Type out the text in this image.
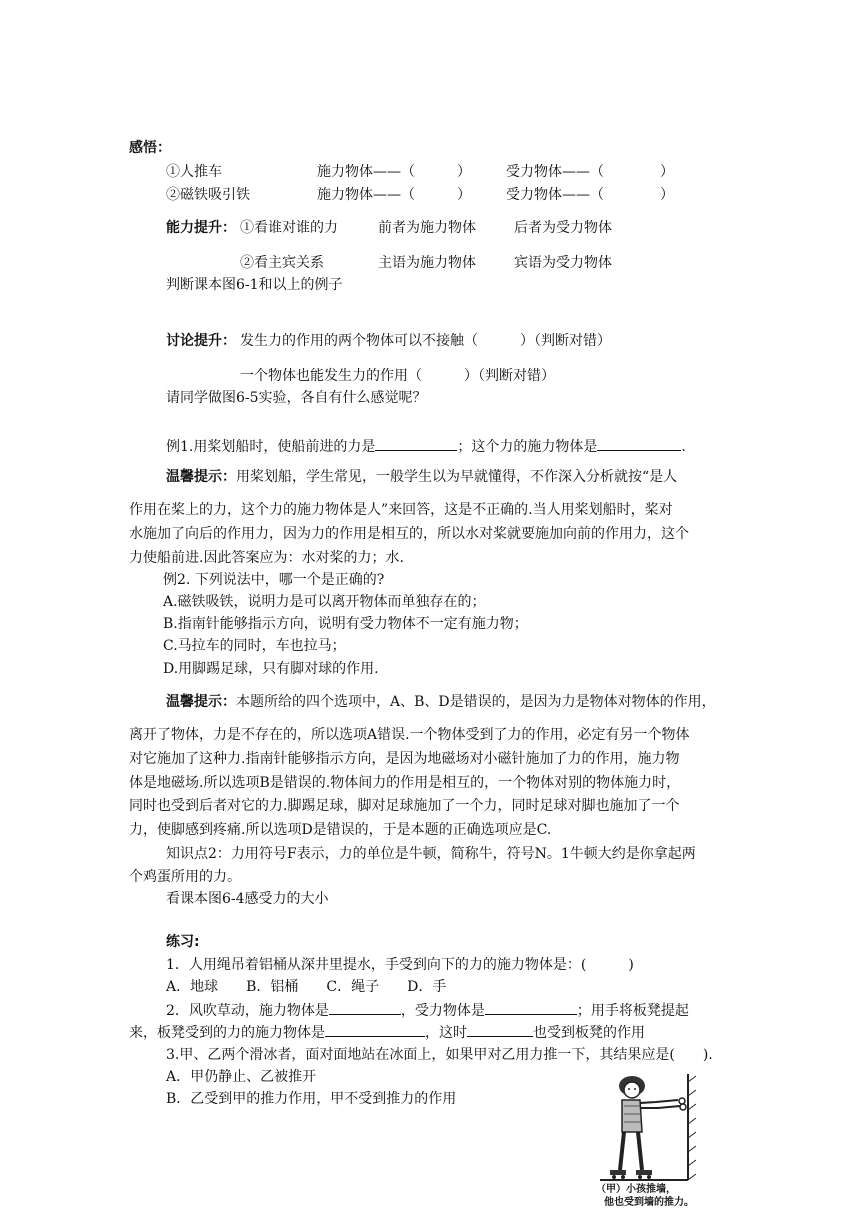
感悟：
①人推车	施力物体——（　　　）	受力物体——（　　　　）
②磁铁吸引铁	施力物体——（　　　）	受力物体——（　　　　）
能力提升： ①看谁对谁的力	前者为施力物体	后者为受力物体
②看主宾关系	主语为施力物体	宾语为受力物体
判断课本图6-1和以上的例子
讨论提升： 发生力的作用的两个物体可以不接触（　　　）（判断对错）
一个物体也能发生力的作用（　　　）（判断对错）
请同学做图6-5实验，各自有什么感觉呢？
例1.用桨划船时，使船前进的力是	；这个力的施力物体是	.
温馨提示：用桨划船，学生常见，一般学生以为早就懂得，不作深入分析就按“是人
作用在桨上的力，这个力的施力物体是人”来回答，这是不正确的.当人用桨划船时，桨对
水施加了向后的作用力，因为力的作用是相互的，所以水对桨就要施加向前的作用力，这个
力使船前进.因此答案应为：水对桨的力；水.
例2. 下列说法中，哪一个是正确的?
A.磁铁吸铁，说明力是可以离开物体而单独存在的；
B.指南针能够指示方向，说明有受力物体不一定有施力物；
C.马拉车的同时，车也拉马；
D.用脚踢足球，只有脚对球的作用.
温馨提示：本题所给的四个选项中，A、B、D是错误的，是因为力是物体对物体的作用，
离开了物体，力是不存在的，所以选项A错误.一个物体受到了力的作用，必定有另一个物体
对它施加了这种力.指南针能够指示方向，是因为地磁场对小磁针施加了力的作用，施力物
体是地磁场.所以选项B是错误的.物体间力的作用是相互的，一个物体对别的物体施力时，
同时也受到后者对它的力.脚踢足球，脚对足球施加了一个力，同时足球对脚也施加了一个
力，使脚感到疼痛.所以选项D是错误的，于是本题的正确选项应是C.
知识点2：力用符号F表示，力的单位是牛顿，简称牛，符号N。1牛顿大约是你拿起两
个鸡蛋所用的力。
看课本图6-4感受力的大小
练习:
1．人用绳吊着铝桶从深井里提水，手受到向下的力的施力物体是：(　　　)
A．地球　　B．铝桶　　C．绳子　　D．手
2．风吹草动，施力物体是	，受力物体是	；用手将板凳提起
来，板凳受到的力的施力物体是	，这时	也受到板凳的作用
3.甲、乙两个滑冰者，面对面地站在冰面上，如果甲对乙用力推一下，其结果应是(　　).
A．甲仍静止、乙被推开
B．乙受到甲的推力作用，甲不受到推力的作用
（甲）小孩推墙，
他也受到墙的推力。
